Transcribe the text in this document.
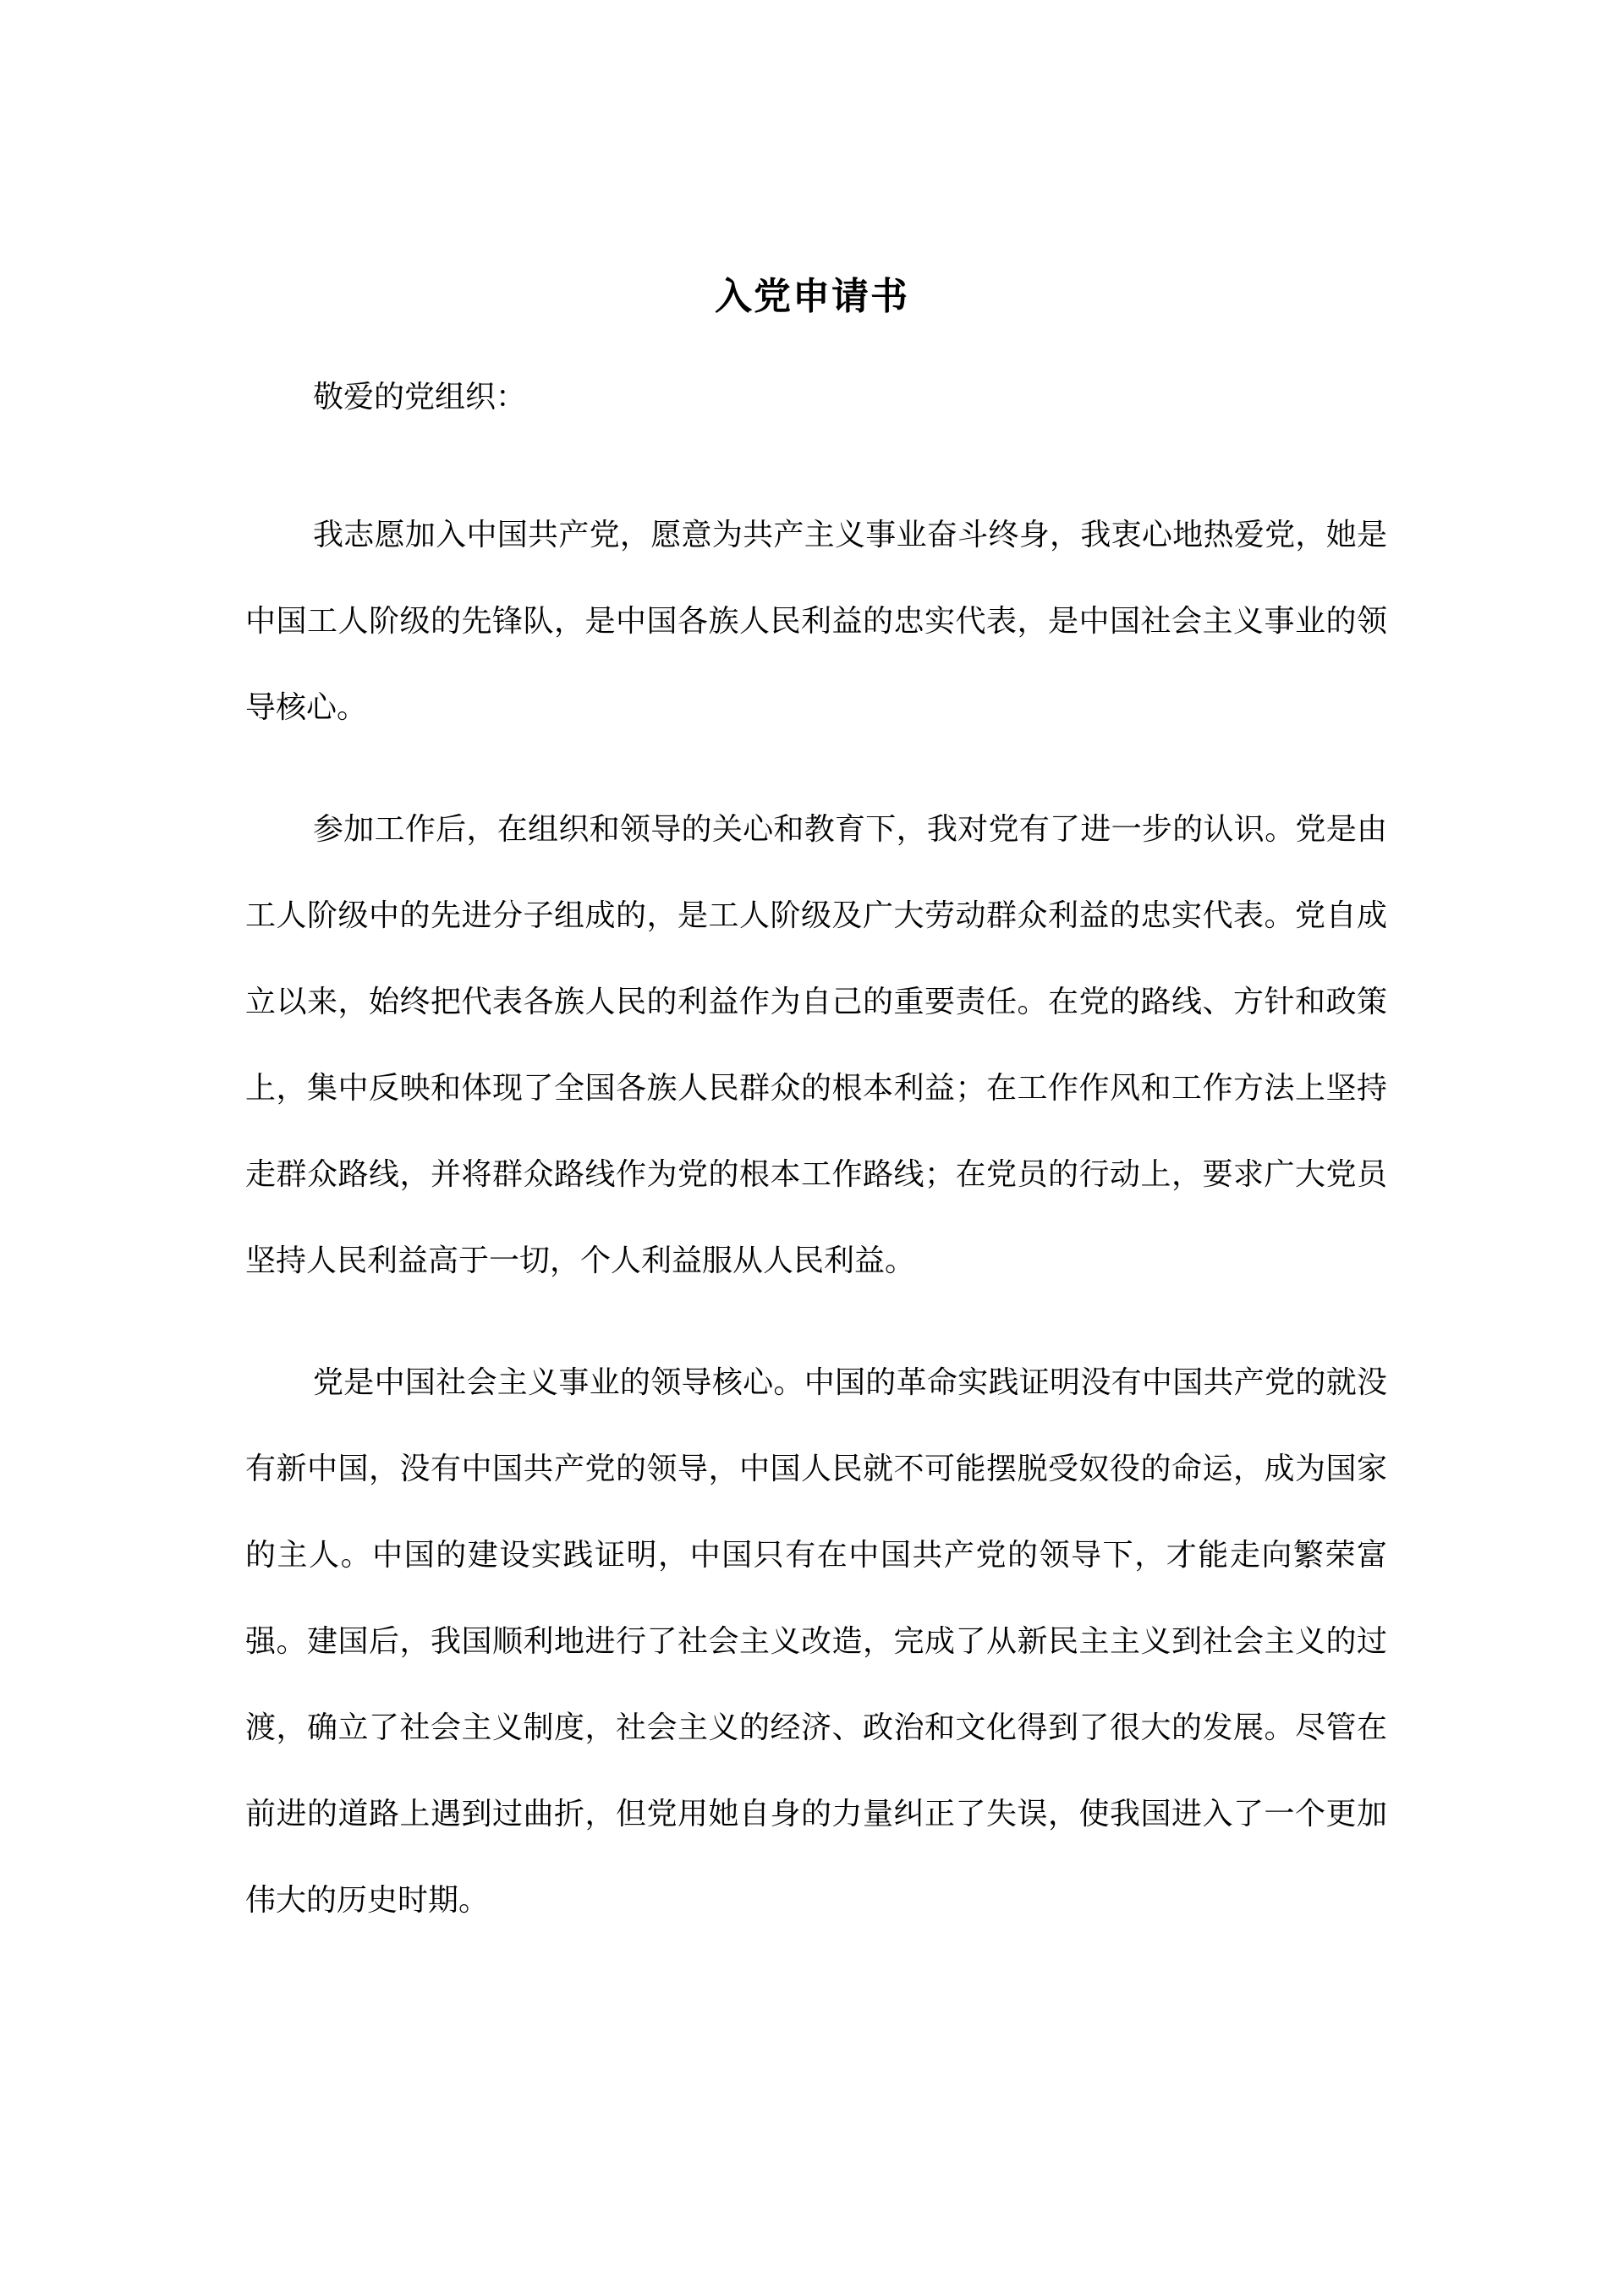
入党申请书

敬爱的党组织：

我志愿加入中国共产党，愿意为共产主义事业奋斗终身，我衷心地热爱党，她是中国工人阶级的先锋队，是中国各族人民利益的忠实代表，是中国社会主义事业的领导核心。

参加工作后，在组织和领导的关心和教育下，我对党有了进一步的认识。党是由工人阶级中的先进分子组成的，是工人阶级及广大劳动群众利益的忠实代表。党自成立以来，始终把代表各族人民的利益作为自己的重要责任。在党的路线、方针和政策上，集中反映和体现了全国各族人民群众的根本利益；在工作作风和工作方法上坚持走群众路线，并将群众路线作为党的根本工作路线；在党员的行动上，要求广大党员坚持人民利益高于一切，个人利益服从人民利益。

党是中国社会主义事业的领导核心。中国的革命实践证明没有中国共产党的就没有新中国，没有中国共产党的领导，中国人民就不可能摆脱受奴役的命运，成为国家的主人。中国的建设实践证明，中国只有在中国共产党的领导下，才能走向繁荣富强。建国后，我国顺利地进行了社会主义改造，完成了从新民主主义到社会主义的过渡，确立了社会主义制度，社会主义的经济、政治和文化得到了很大的发展。尽管在前进的道路上遇到过曲折，但党用她自身的力量纠正了失误，使我国进入了一个更加伟大的历史时期。
